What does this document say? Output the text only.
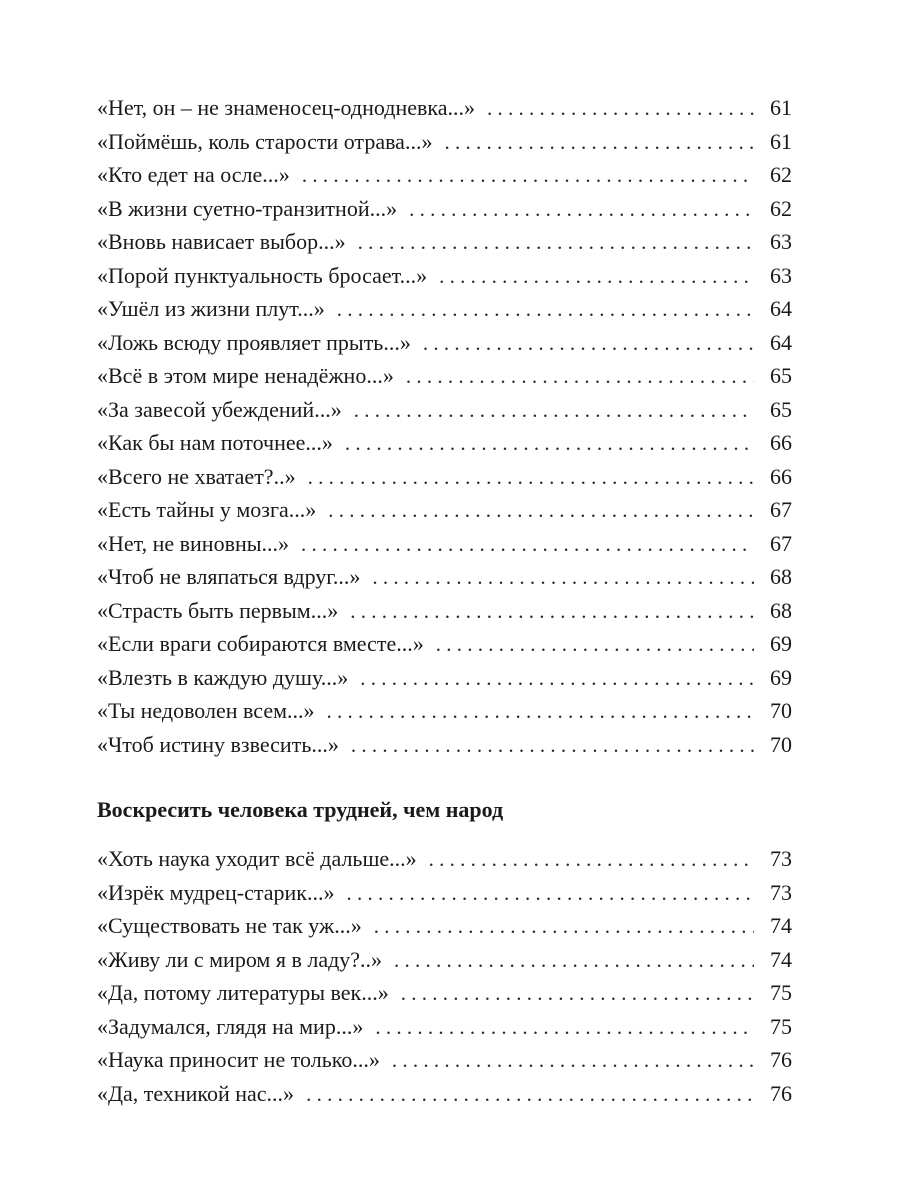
«Нет, он – не знаменосец-однодневка...» . . .	61
«Поймёшь, коль старости отрава...» . . .	61
«Кто едет на осле...» . . .	62
«В жизни суетно-транзитной...» . . .	62
«Вновь нависает выбор...» . . .	63
«Порой пунктуальность бросает...» . . .	63
«Ушёл из жизни плут...» . . .	64
«Ложь всюду проявляет прыть...» . . .	64
«Всё в этом мире ненадёжно...» . . .	65
«За завесой убеждений...» . . .	65
«Как бы нам поточнее...» . . .	66
«Всего не хватает?..» . . .	66
«Есть тайны у мозга...» . . .	67
«Нет, не виновны...» . . .	67
«Чтоб не вляпаться вдруг...» . . .	68
«Страсть быть первым...» . . .	68
«Если враги собираются вместе...» . . .	69
«Влезть в каждую душу...» . . .	69
«Ты недоволен всем...» . . .	70
«Чтоб истину взвесить...» . . .	70
Воскресить человека трудней, чем народ
«Хоть наука уходит всё дальше...» . . .	73
«Изрёк мудрец-старик...» . . .	73
«Существовать не так уж...» . . .	74
«Живу ли с миром я в ладу?..» . . .	74
«Да, потому литературы век...» . . .	75
«Задумался, глядя на мир...» . . .	75
«Наука приносит не только...» . . .	76
«Да, техникой нас...» . . .	76
